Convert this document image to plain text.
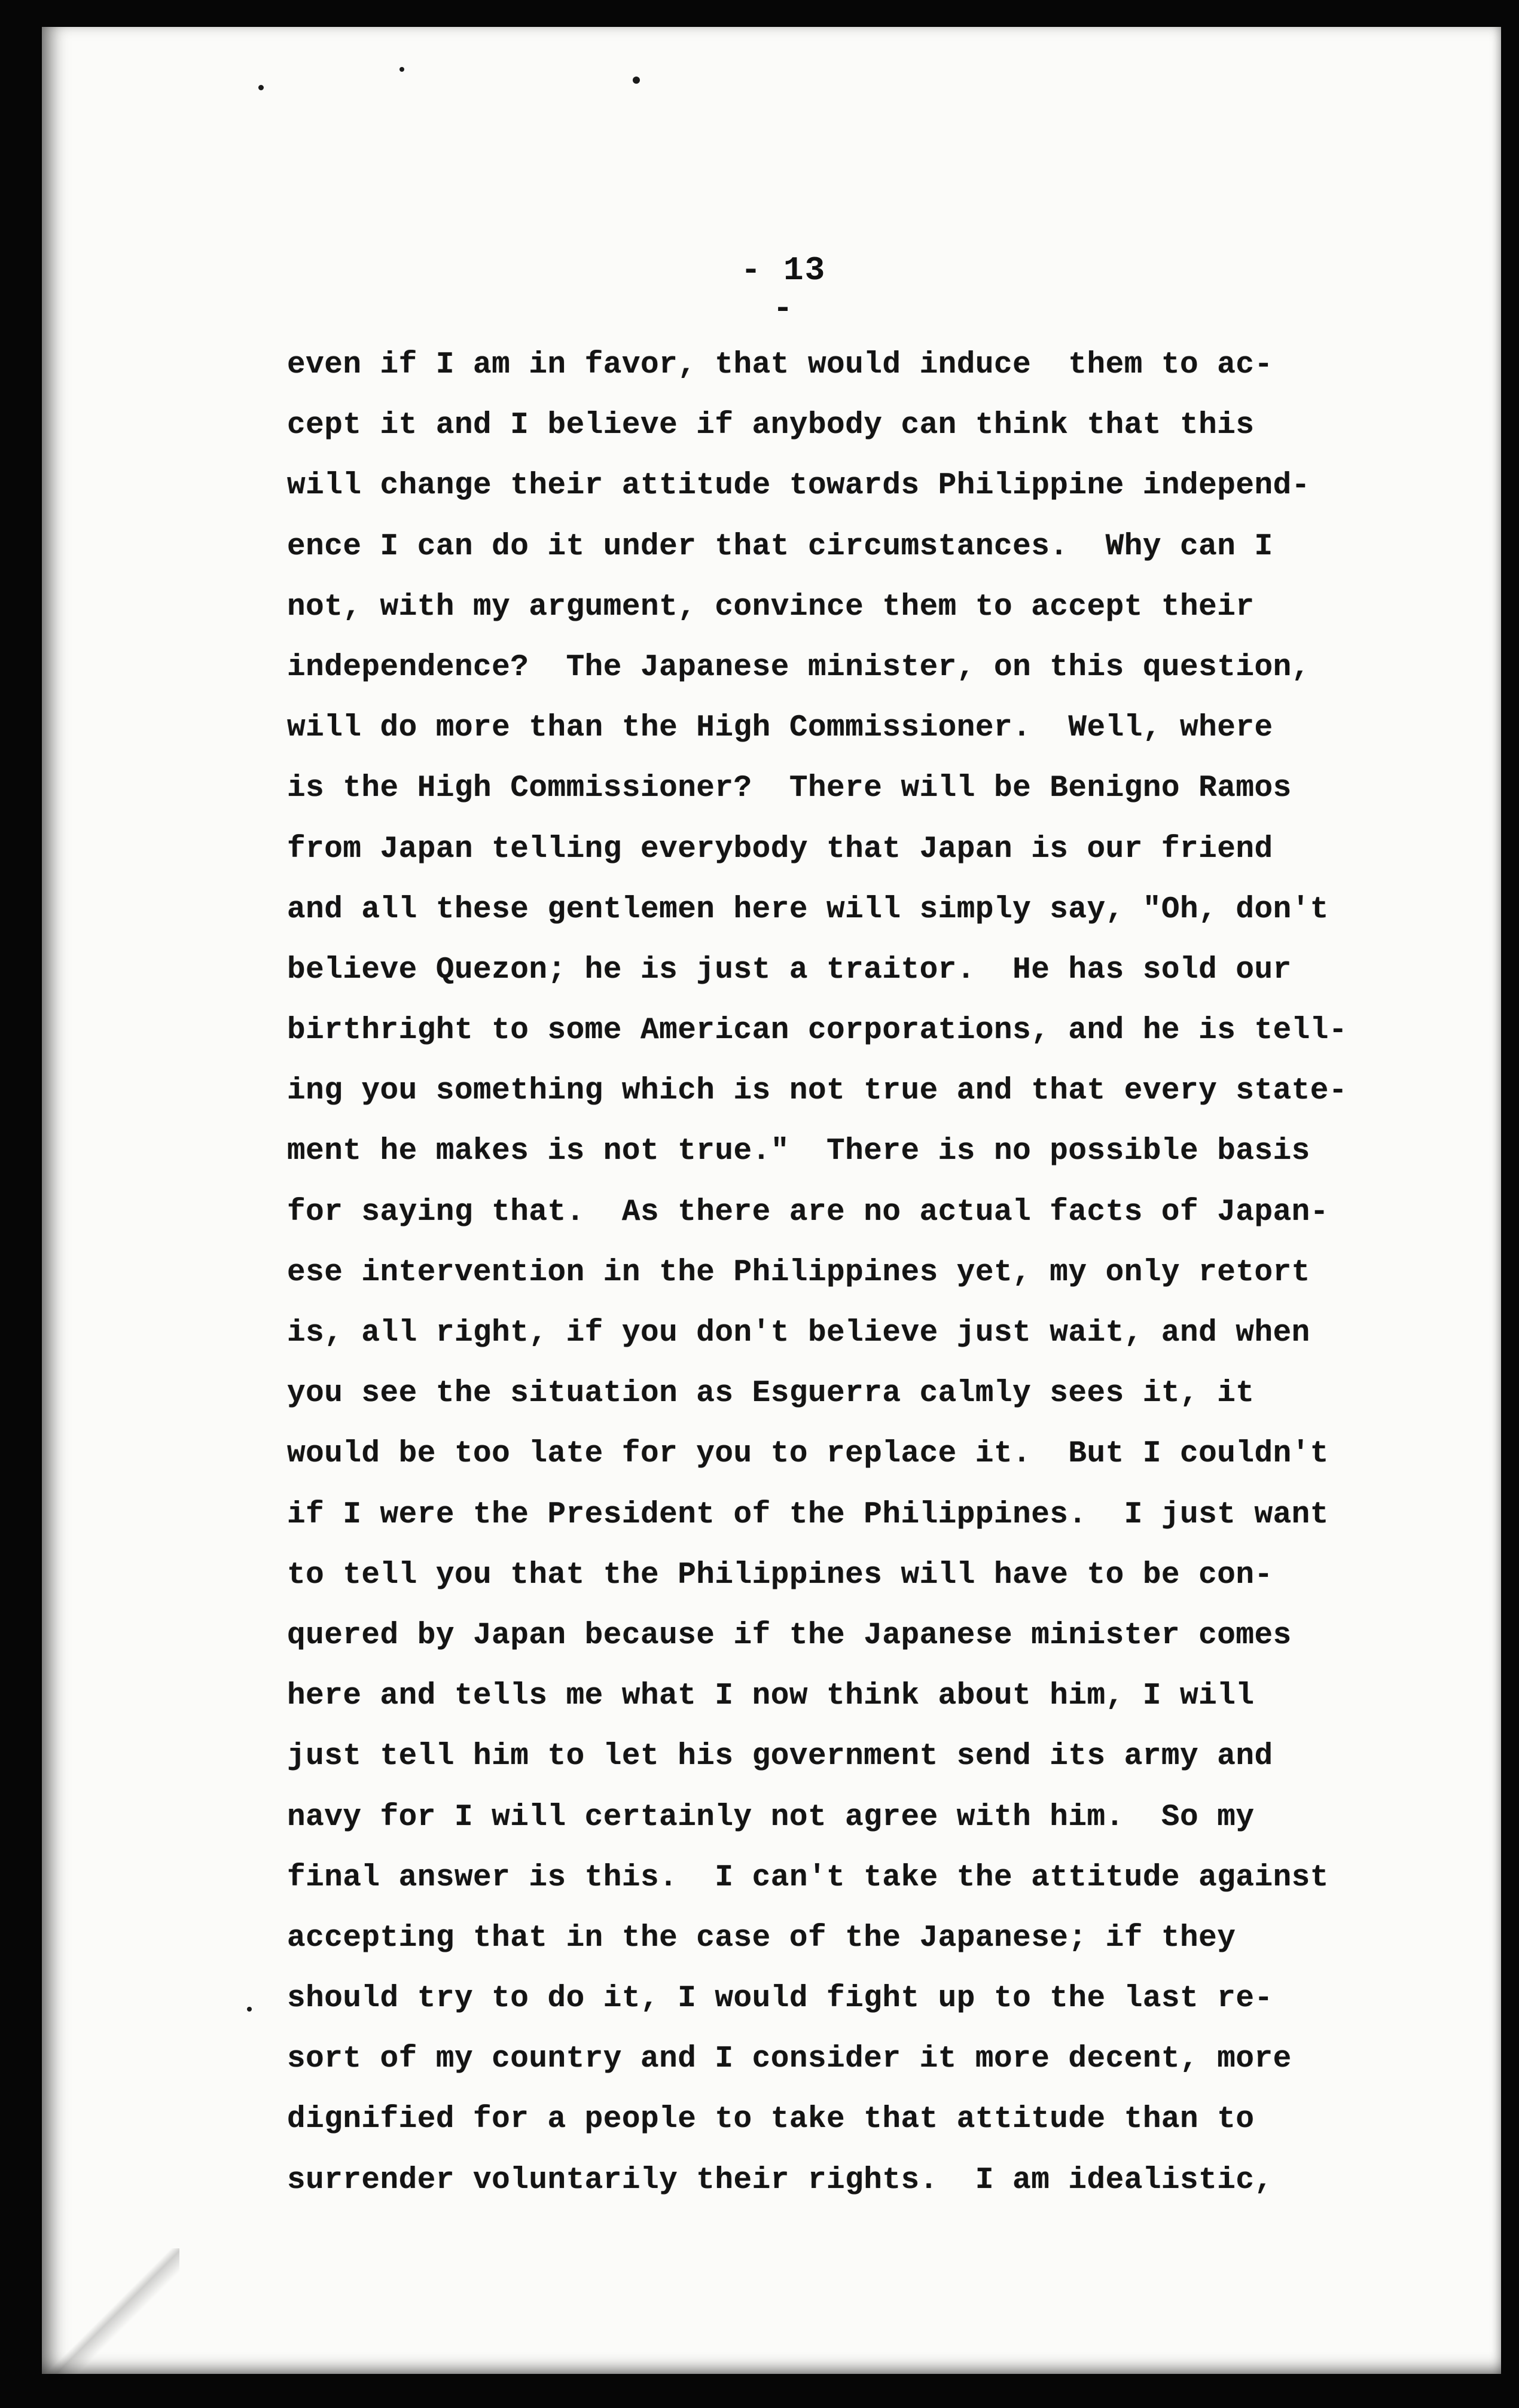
- 13 -
even if I am in favor, that would induce  them to ac-
cept it and I believe if anybody can think that this
will change their attitude towards Philippine independ-
ence I can do it under that circumstances.  Why can I
not, with my argument, convince them to accept their
independence?  The Japanese minister, on this question,
will do more than the High Commissioner.  Well, where
is the High Commissioner?  There will be Benigno Ramos
from Japan telling everybody that Japan is our friend
and all these gentlemen here will simply say, "Oh, don't
believe Quezon; he is just a traitor.  He has sold our
birthright to some American corporations, and he is tell-
ing you something which is not true and that every state-
ment he makes is not true."  There is no possible basis
for saying that.  As there are no actual facts of Japan-
ese intervention in the Philippines yet, my only retort
is, all right, if you don't believe just wait, and when
you see the situation as Esguerra calmly sees it, it
would be too late for you to replace it.  But I couldn't
if I were the President of the Philippines.  I just want
to tell you that the Philippines will have to be con-
quered by Japan because if the Japanese minister comes
here and tells me what I now think about him, I will
just tell him to let his government send its army and
navy for I will certainly not agree with him.  So my
final answer is this.  I can't take the attitude against
accepting that in the case of the Japanese; if they
should try to do it, I would fight up to the last re-
sort of my country and I consider it more decent, more
dignified for a people to take that attitude than to
surrender voluntarily their rights.  I am idealistic,
